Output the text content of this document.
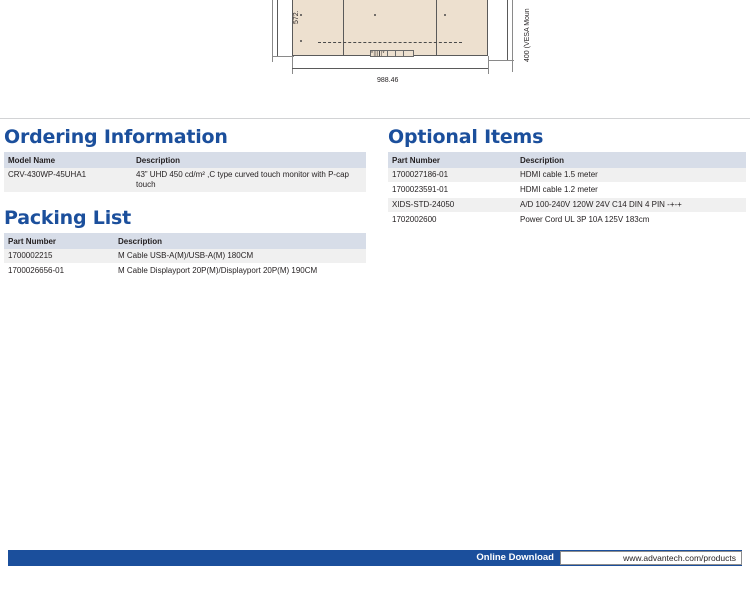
572.
988.46
400 (VESA Moun
*|||||*
Ordering Information
Model Name	Description
CRV-430WP-45UHA1	43” UHD 450 cd/m² ,C type curved touch monitor with P-cap touch
Packing List
Part Number	Description
1700002215	M Cable USB-A(M)/USB-A(M) 180CM
1700026656-01	M Cable Displayport 20P(M)/Displayport 20P(M) 190CM
Optional Items
Part Number	Description
1700027186-01	HDMI cable 1.5 meter
1700023591-01	HDMI cable 1.2 meter
XIDS-STD-24050	A/D 100-240V 120W 24V C14 DIN 4 PIN -+-+
1702002600	Power Cord UL 3P 10A 125V 183cm
Online Download	www.advantech.com/products
